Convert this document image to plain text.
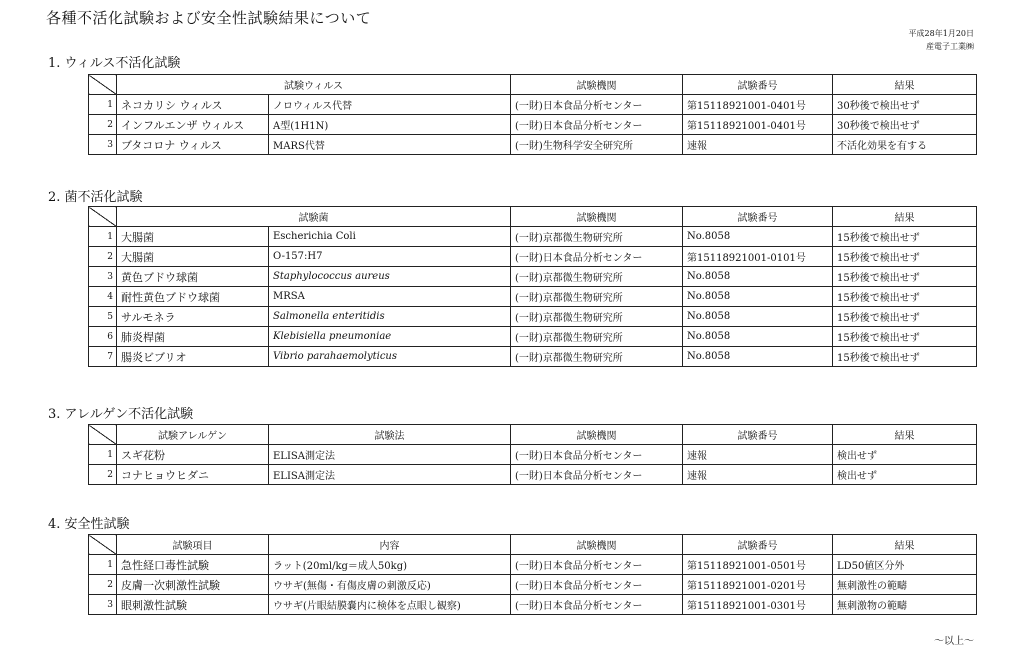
各種不活化試験および安全性試験結果について
平成28年1月20日
産電子工業㈱
1. ウィルス不活化試験
	試験ウィルス		試験機関	試験番号	結果
1	ネコカリシ ウィルス	ノロウィルス代替	(一財)日本食品分析センター	第15118921001-0401号	30秒後で検出せず
2	インフルエンザ ウィルス	A型(1H1N)	(一財)日本食品分析センター	第15118921001-0401号	30秒後で検出せず
3	ブタコロナ ウィルス	MARS代替	(一財)生物科学安全研究所	速報	不活化効果を有する
2. 菌不活化試験
	試験菌		試験機関	試験番号	結果
1	大腸菌	Escherichia Coli	(一財)京都微生物研究所	No.8058	15秒後で検出せず
2	大腸菌	O-157:H7	(一財)日本食品分析センター	第15118921001-0101号	15秒後で検出せず
3	黄色ブドウ球菌	Staphylococcus aureus	(一財)京都微生物研究所	No.8058	15秒後で検出せず
4	耐性黄色ブドウ球菌	MRSA	(一財)京都微生物研究所	No.8058	15秒後で検出せず
5	サルモネラ	Salmonella enteritidis	(一財)京都微生物研究所	No.8058	15秒後で検出せず
6	肺炎桿菌	Klebisiella pneumoniae	(一財)京都微生物研究所	No.8058	15秒後で検出せず
7	腸炎ビブリオ	Vibrio parahaemolyticus	(一財)京都微生物研究所	No.8058	15秒後で検出せず
3. アレルゲン不活化試験
	試験アレルゲン	試験法	試験機関	試験番号	結果
1	スギ花粉	ELISA測定法	(一財)日本食品分析センター	速報	検出せず
2	コナヒョウヒダニ	ELISA測定法	(一財)日本食品分析センター	速報	検出せず
4. 安全性試験
	試験項目	内容	試験機関	試験番号	結果
1	急性経口毒性試験	ラット(20ml/kg＝成人50kg)	(一財)日本食品分析センター	第15118921001-0501号	LD50値区分外
2	皮膚一次刺激性試験	ウサギ(無傷・有傷皮膚の刺激反応)	(一財)日本食品分析センター	第15118921001-0201号	無刺激性の範疇
3	眼刺激性試験	ウサギ(片眼結膜嚢内に検体を点眼し観察)	(一財)日本食品分析センター	第15118921001-0301号	無刺激物の範疇
～以上～
